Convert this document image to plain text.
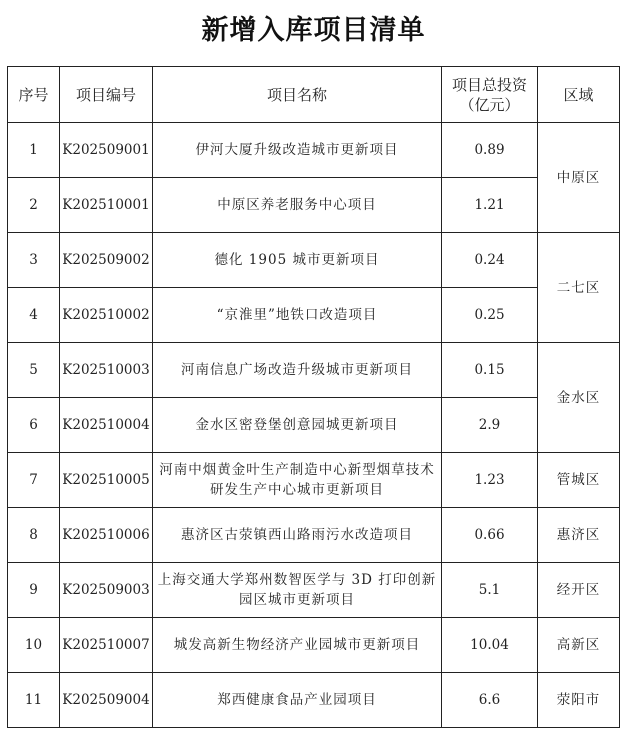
新增入库项目清单
序号	项目编号	项目名称	项目总投资（亿元）	区域
1	K202509001	伊河大厦升级改造城市更新项目	0.89	中原区
2	K202510001	中原区养老服务中心项目	1.21	
3	K202509002	德化 1905 城市更新项目	0.24	二七区
4	K202510002	“京淮里”地铁口改造项目	0.25	
5	K202510003	河南信息广场改造升级城市更新项目	0.15	金水区
6	K202510004	金水区密登堡创意园城更新项目	2.9	
7	K202510005	河南中烟黄金叶生产制造中心新型烟草技术研发生产中心城市更新项目	1.23	管城区
8	K202510006	惠济区古荥镇西山路雨污水改造项目	0.66	惠济区
9	K202509003	上海交通大学郑州数智医学与 3D 打印创新园区城市更新项目	5.1	经开区
10	K202510007	城发高新生物经济产业园城市更新项目	10.04	高新区
11	K202509004	郑西健康食品产业园项目	6.6	荥阳市
